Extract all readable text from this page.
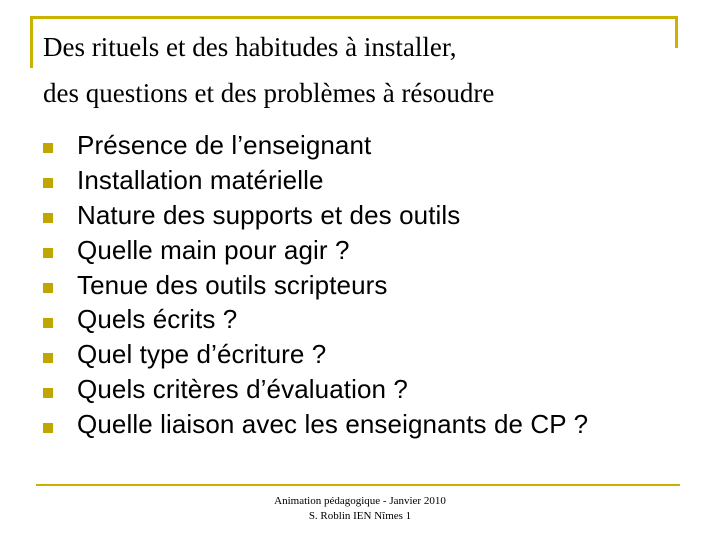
Des rituels et des habitudes à installer,
des questions et des problèmes à résoudre
Présence de l’enseignant
Installation matérielle
Nature des supports et des outils
Quelle main pour agir ?
Tenue des outils scripteurs
Quels écrits ?
Quel type d’écriture ?
Quels critères d’évaluation ?
Quelle liaison avec les enseignants de CP ?
Animation pédagogique - Janvier 2010
S. Roblin IEN Nîmes 1
